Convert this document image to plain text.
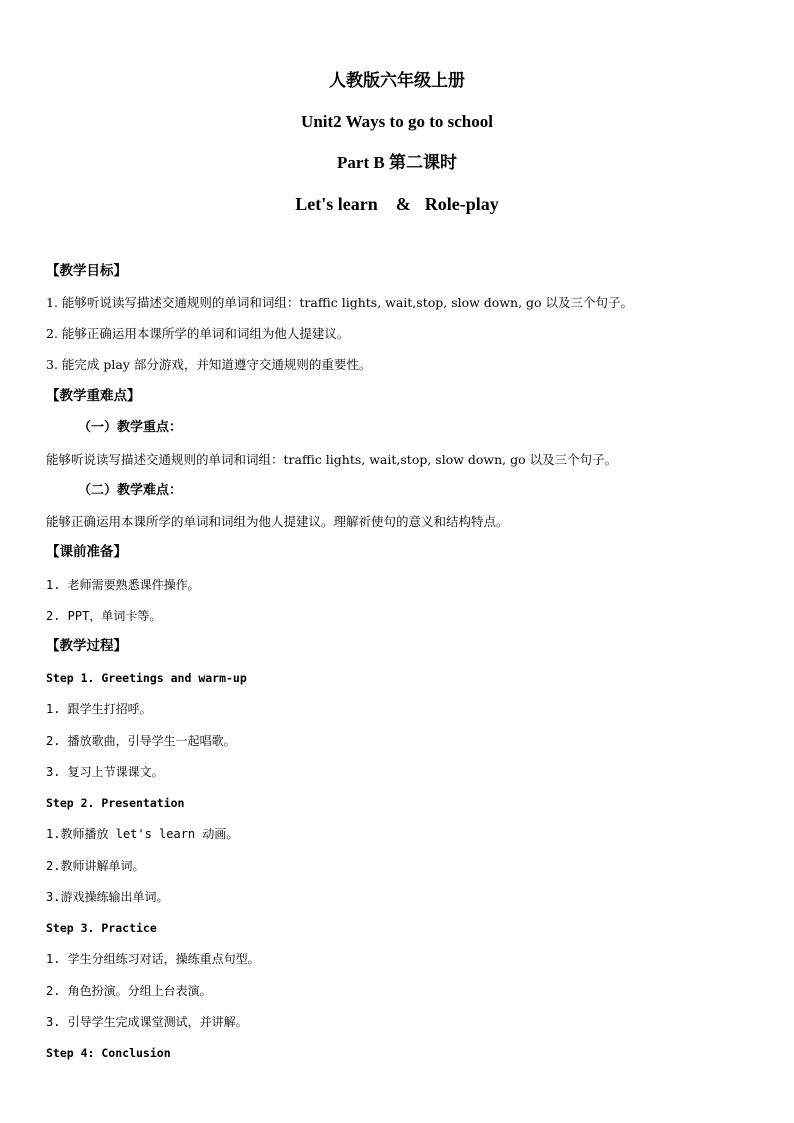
人教版六年级上册
Unit2 Ways to go to school
Part B 第二课时
Let's learn & Role-play
【教学目标】
1. 能够听说读写描述交通规则的单词和词组：traffic lights, wait,stop, slow down, go 以及三个句子。
2. 能够正确运用本课所学的单词和词组为他人提建议。
3. 能完成 play 部分游戏，并知道遵守交通规则的重要性。
【教学重难点】
（一）教学重点：
能够听说读写描述交通规则的单词和词组：traffic lights, wait,stop, slow down, go 以及三个句子。
（二）教学难点：
能够正确运用本课所学的单词和词组为他人提建议。理解祈使句的意义和结构特点。
【课前准备】
1. 老师需要熟悉课件操作。
2. PPT，单词卡等。
【教学过程】
Step 1. Greetings and warm-up
1. 跟学生打招呼。
2. 播放歌曲，引导学生一起唱歌。
3. 复习上节课课文。
Step 2. Presentation
1.教师播放 let's learn 动画。
2.教师讲解单词。
3.游戏操练输出单词。
Step 3. Practice
1. 学生分组练习对话，操练重点句型。
2. 角色扮演。分组上台表演。
3. 引导学生完成课堂测试，并讲解。
Step 4: Conclusion
